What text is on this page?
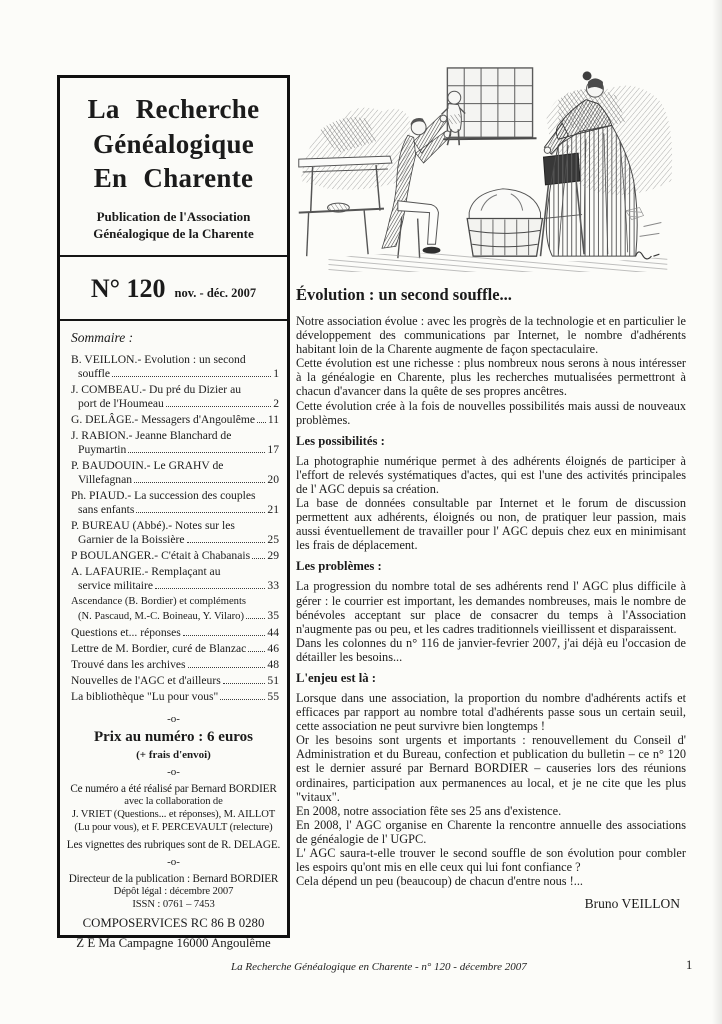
La Recherche
Généalogique
En Charente
Publication de l'Association
Généalogique de la Charente
N° 120 nov. - déc. 2007
Sommaire :
B. VEILLON.- Evolution : un second
souffle	1
J. COMBEAU.- Du pré du Dizier au
port de l'Houmeau	2
G. DELÂGE.- Messagers d'Angoulême 11
J. RABION.- Jeanne Blanchard de
Puymartin	17
P. BAUDOUIN.- Le GRAHV de
Villefagnan	20
Ph. PIAUD.- La succession des couples
sans enfants	21
P. BUREAU (Abbé).- Notes sur les
Garnier de la Boissière	25
P BOULANGER.- C'était à Chabanais 29
A. LAFAURIE.- Remplaçant au
service militaire	33
Ascendance (B. Bordier) et compléments
(N. Pascaud, M.-C. Boineau, Y. Vilaro) 35
Questions et... réponses	44
Lettre de M. Bordier, curé de Blanzac 46
Trouvé dans les archives	48
Nouvelles de l'AGC et d'ailleurs	51
La bibliothèque "Lu pour vous"	55
-o-
Prix au numéro : 6 euros
(+ frais d'envoi)
-o-
Ce numéro a été réalisé par Bernard BORDIER
avec la collaboration de
J. VRIET (Questions... et réponses), M. AILLOT
(Lu pour vous), et F. PERCEVAULT (relecture)
Les vignettes des rubriques sont de R. DELAGE.
-o-
Directeur de la publication : Bernard BORDIER
Dépôt légal : décembre 2007
ISSN : 0761 – 7453
COMPOSERVICES RC 86 B 0280
Z E Ma Campagne 16000 Angoulême
Évolution : un second souffle...
Notre association évolue : avec les progrès de la technologie et en particulier le développement des communications par Internet, le nombre d'adhérents habitant loin de la Charente augmente de façon spectaculaire.
Cette évolution est une richesse : plus nombreux nous serons à nous intéresser à la généalogie en Charente, plus les recherches mutualisées permettront à chacun d'avancer dans la quête de ses propres ancêtres.
Cette évolution crée à la fois de nouvelles possibilités mais aussi de nouveaux problèmes.
Les possibilités :
La photographie numérique permet à des adhérents éloignés de participer à l'effort de relevés systématiques d'actes, qui est l'une des activités principales de l' AGC depuis sa création.
La base de données consultable par Internet et le forum de discussion permettent aux adhérents, éloignés ou non, de pratiquer leur passion, mais aussi éventuellement de travailler pour l' AGC depuis chez eux en minimisant les frais de déplacement.
Les problèmes :
La progression du nombre total de ses adhérents rend l' AGC plus difficile à gérer : le courrier est important, les demandes nombreuses, mais le nombre de bénévoles acceptant sur place de consacrer du temps à l'Association n'augmente pas ou peu, et les cadres traditionnels vieillissent et disparaissent.
Dans les colonnes du n° 116 de janvier-fevrier 2007, j'ai déjà eu l'occasion de détailler les besoins...
L'enjeu est là :
Lorsque dans une association, la proportion du nombre d'adhérents actifs et efficaces par rapport au nombre total d'adhérents passe sous un certain seuil, cette association ne peut survivre bien longtemps !
Or les besoins sont urgents et importants : renouvellement du Conseil d' Administration et du Bureau, confection et publication du bulletin – ce n° 120 est le dernier assuré par Bernard BORDIER – causeries lors des réunions ordinaires, participation aux permanences au local, et je ne cite que les plus "vitaux".
En 2008, notre association fête ses 25 ans d'existence.
En 2008, l' AGC organise en Charente la rencontre annuelle des associations de généalogie de l' UGPC.
L' AGC saura-t-elle trouver le second souffle de son évolution pour combler les espoirs qu'ont mis en elle ceux qui lui font confiance ?
Cela dépend un peu (beaucoup) de chacun d'entre nous !...
Bruno VEILLON
La Recherche Généalogique en Charente - n° 120 - décembre 2007	1
